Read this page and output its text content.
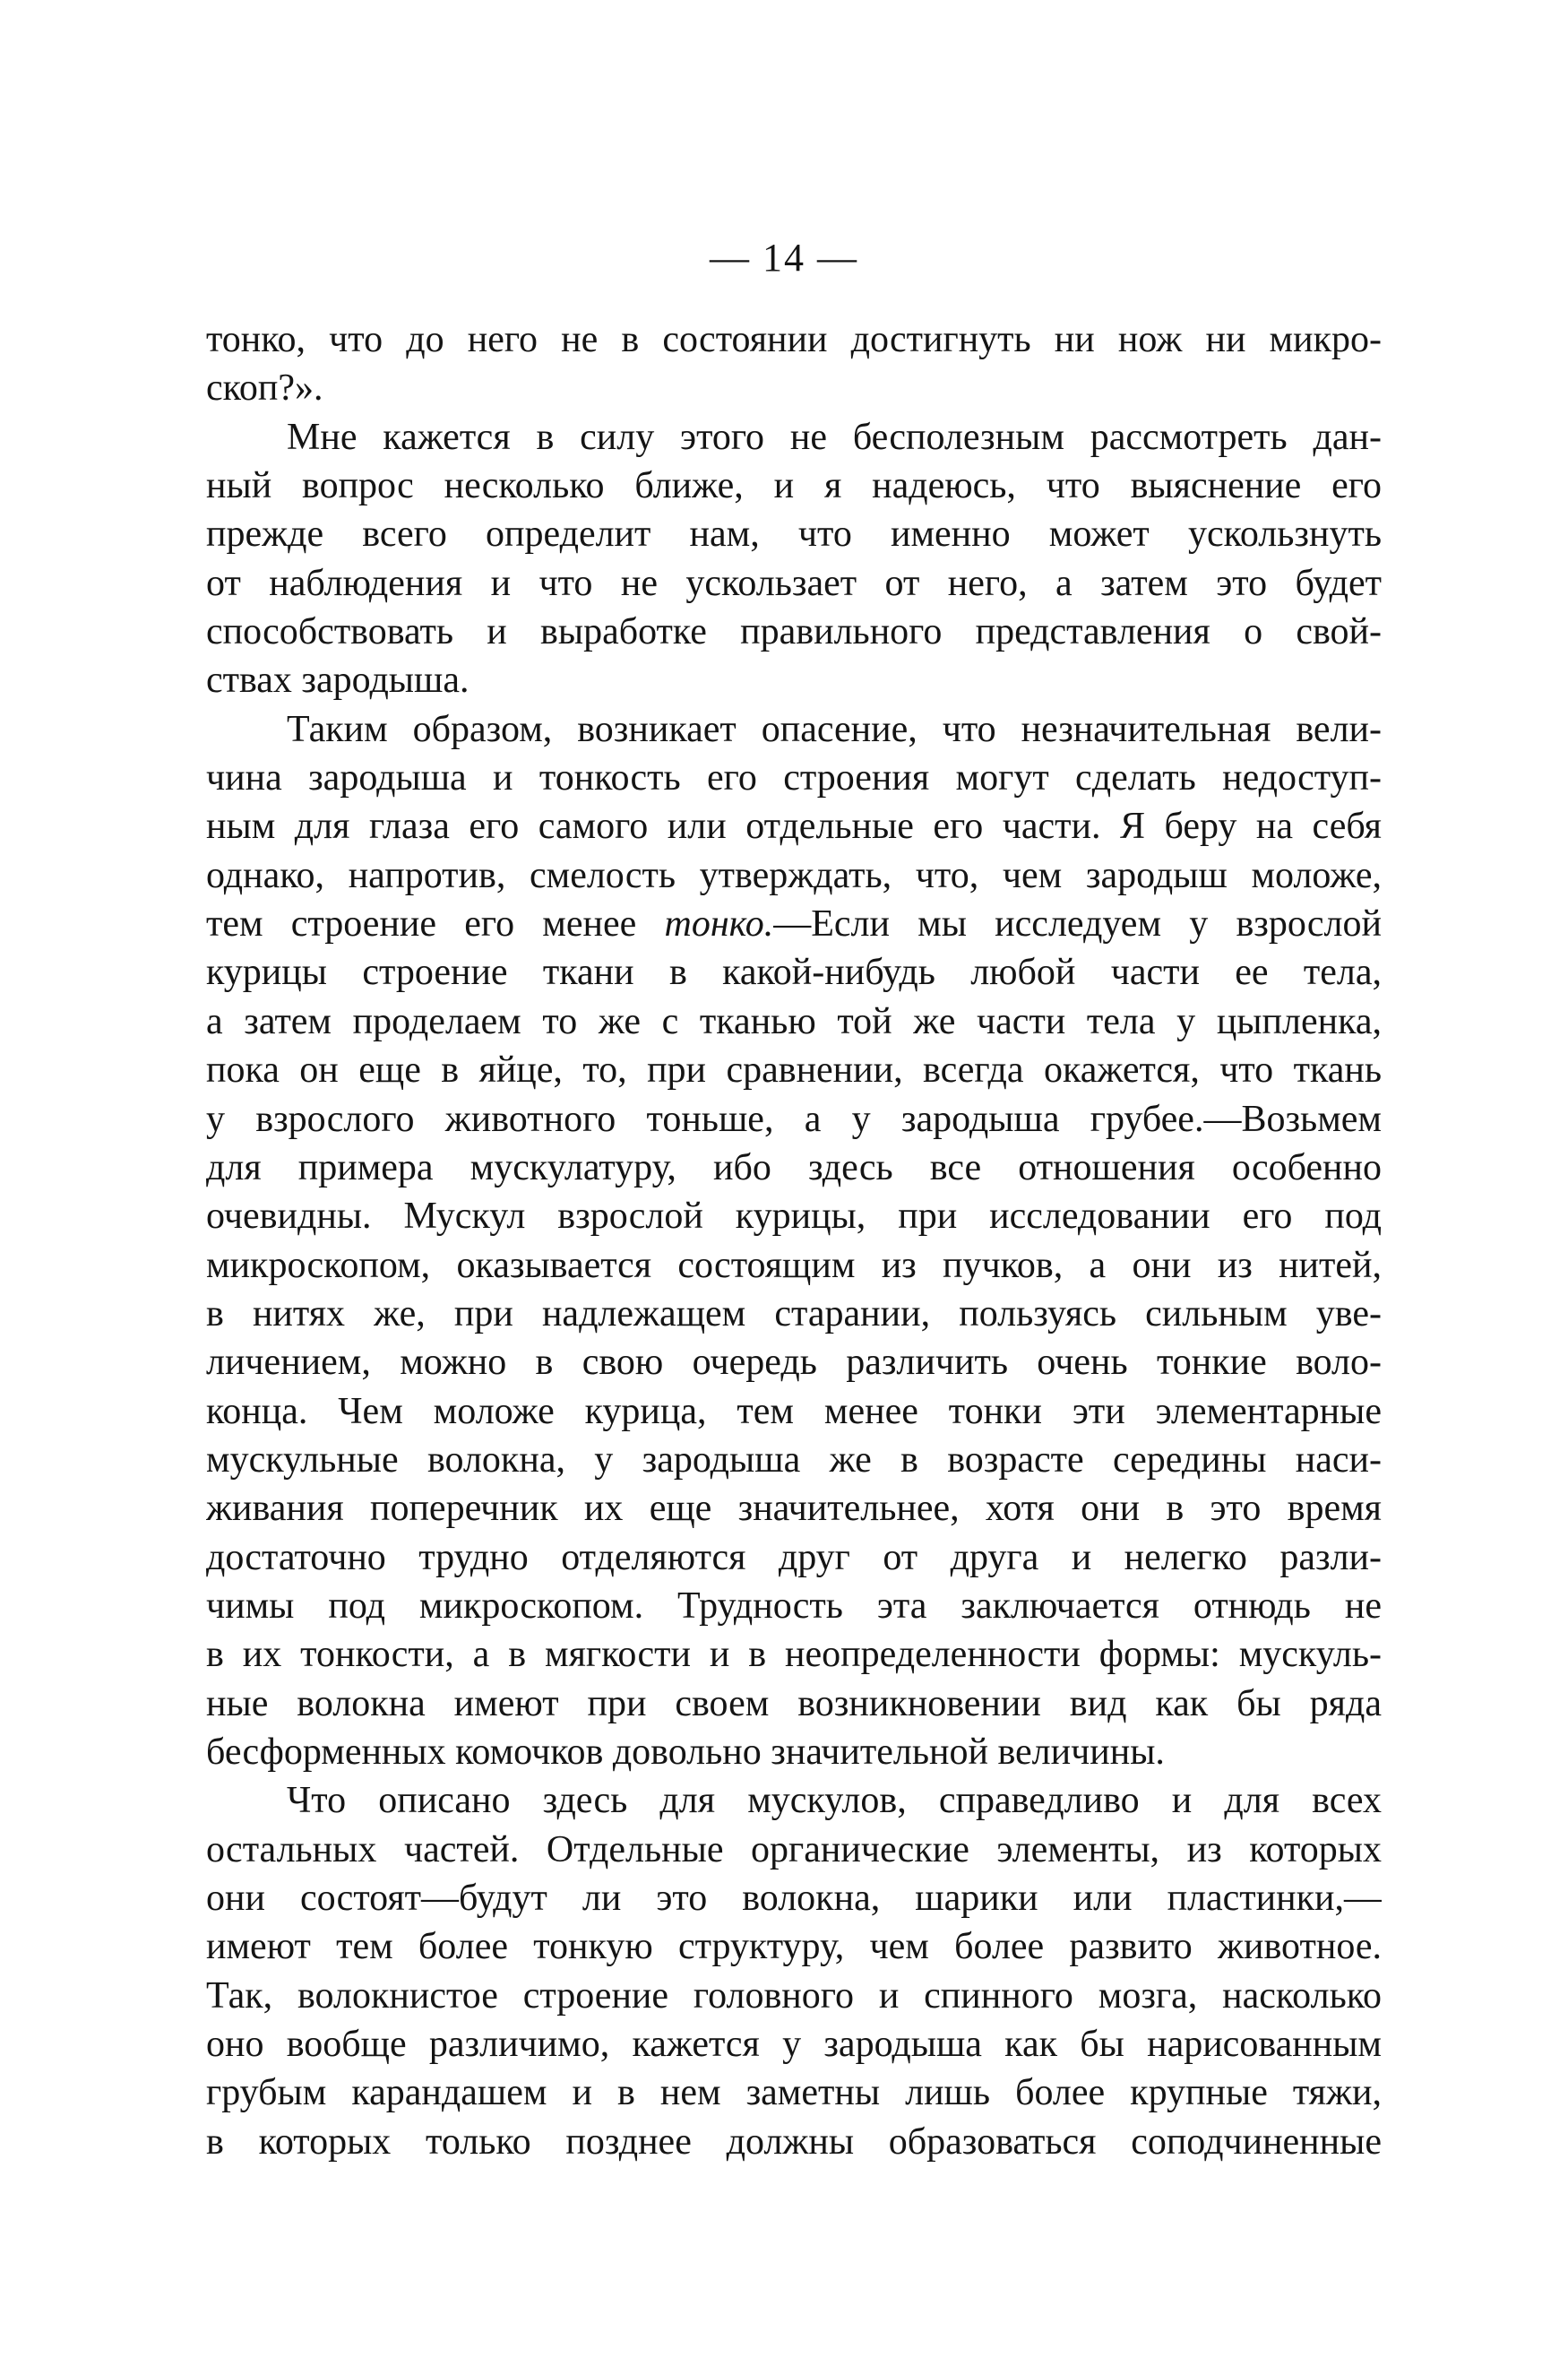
— 14 —
тонко, что до него не в состоянии достигнуть ни нож ни микро-
скоп?».
Мне кажется в силу этого не бесполезным рассмотреть дан-
ный вопрос несколько ближе, и я надеюсь, что выяснение его
прежде всего определит нам, что именно может ускользнуть
от наблюдения и что не ускользает от него, а затем это будет
способствовать и выработке правильного представления о свой-
ствах зародыша.
Таким образом, возникает опасение, что незначительная вели-
чина зародыша и тонкость его строения могут сделать недоступ-
ным для глаза его самого или отдельные его части. Я беру на себя
однако, напротив, смелость утверждать, что, чем зародыш моложе,
тем строение его менее тонко.—Если мы исследуем у взрослой
курицы строение ткани в какой-нибудь любой части ее тела,
а затем проделаем то же с тканью той же части тела у цыпленка,
пока он еще в яйце, то, при сравнении, всегда окажется, что ткань
у взрослого животного тоньше, а у зародыша грубее.—Возьмем
для примера мускулатуру, ибо здесь все отношения особенно
очевидны. Мускул взрослой курицы, при исследовании его под
микроскопом, оказывается состоящим из пучков, а они из нитей,
в нитях же, при надлежащем старании, пользуясь сильным уве-
личением, можно в свою очередь различить очень тонкие воло-
конца. Чем моложе курица, тем менее тонки эти элементарные
мускульные волокна, у зародыша же в возрасте середины наси-
живания поперечник их еще значительнее, хотя они в это время
достаточно трудно отделяются друг от друга и нелегко разли-
чимы под микроскопом. Трудность эта заключается отнюдь не
в их тонкости, а в мягкости и в неопределенности формы: мускуль-
ные волокна имеют при своем возникновении вид как бы ряда
бесформенных комочков довольно значительной величины.
Что описано здесь для мускулов, справедливо и для всех
остальных частей. Отдельные органические элементы, из которых
они состоят—будут ли это волокна, шарики или пластинки,—
имеют тем более тонкую структуру, чем более развито животное.
Так, волокнистое строение головного и спинного мозга, насколько
оно вообще различимо, кажется у зародыша как бы нарисованным
грубым карандашем и в нем заметны лишь более крупные тяжи,
в которых только позднее должны образоваться соподчиненные
